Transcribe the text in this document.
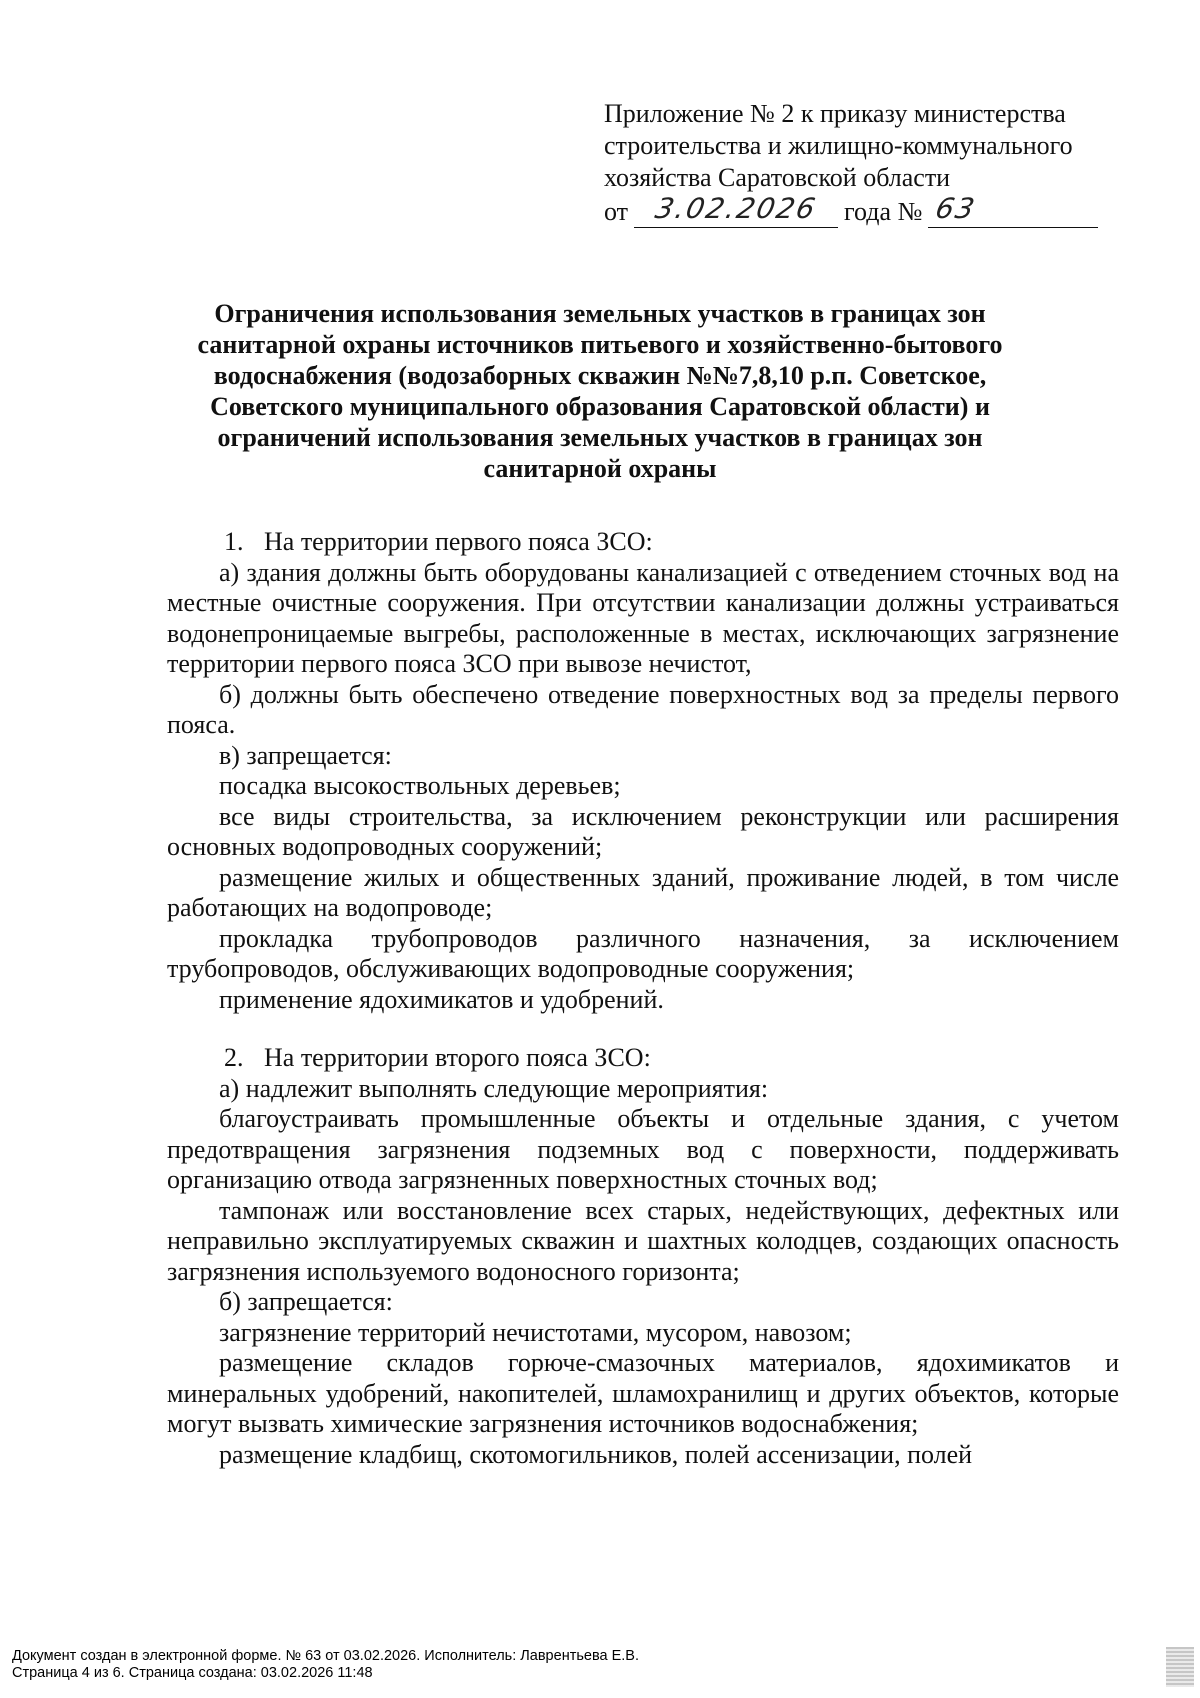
Приложение № 2 к приказу министерства
строительства и жилищно-коммунального
хозяйства Саратовской области
от 3.02.2026 года № 63
Ограничения использования земельных участков в границах зон
санитарной охраны источников питьевого и хозяйственно-бытового
водоснабжения (водозаборных скважин №№7,8,10 р.п. Советское,
Советского муниципального образования Саратовской области) и
ограничений использования земельных участков в границах зон
санитарной охраны

1. На территории первого пояса ЗСО:

а) здания должны быть оборудованы канализацией с отведением сточных вод на местные очистные сооружения. При отсутствии канализации должны устраиваться водонепроницаемые выгребы, расположенные в местах, исключающих загрязнение территории первого пояса ЗСО при вывозе нечистот,

б) должны быть обеспечено отведение поверхностных вод за пределы первого пояса.

в) запрещается:

посадка высокоствольных деревьев;

все виды строительства, за исключением реконструкции или расширения основных водопроводных сооружений;

размещение жилых и общественных зданий, проживание людей, в том числе работающих на водопроводе;

прокладка трубопроводов различного назначения, за исключением трубопроводов, обслуживающих водопроводные сооружения;

применение ядохимикатов и удобрений.

2. На территории второго пояса ЗСО:

а) надлежит выполнять следующие мероприятия:

благоустраивать промышленные объекты и отдельные здания, с учетом предотвращения загрязнения подземных вод с поверхности, поддерживать организацию отвода загрязненных поверхностных сточных вод;

тампонаж или восстановление всех старых, недействующих, дефектных или неправильно эксплуатируемых скважин и шахтных колодцев, создающих опасность загрязнения используемого водоносного горизонта;

б) запрещается:

загрязнение территорий нечистотами, мусором, навозом;

размещение складов горюче-смазочных материалов, ядохимикатов и минеральных удобрений, накопителей, шламохранилищ и других объектов, которые могут вызвать химические загрязнения источников водоснабжения;

размещение кладбищ, скотомогильников, полей ассенизации, полей

Документ создан в электронной форме. № 63 от 03.02.2026. Исполнитель: Лаврентьева Е.В.
Страница 4 из 6. Страница создана: 03.02.2026 11:48
